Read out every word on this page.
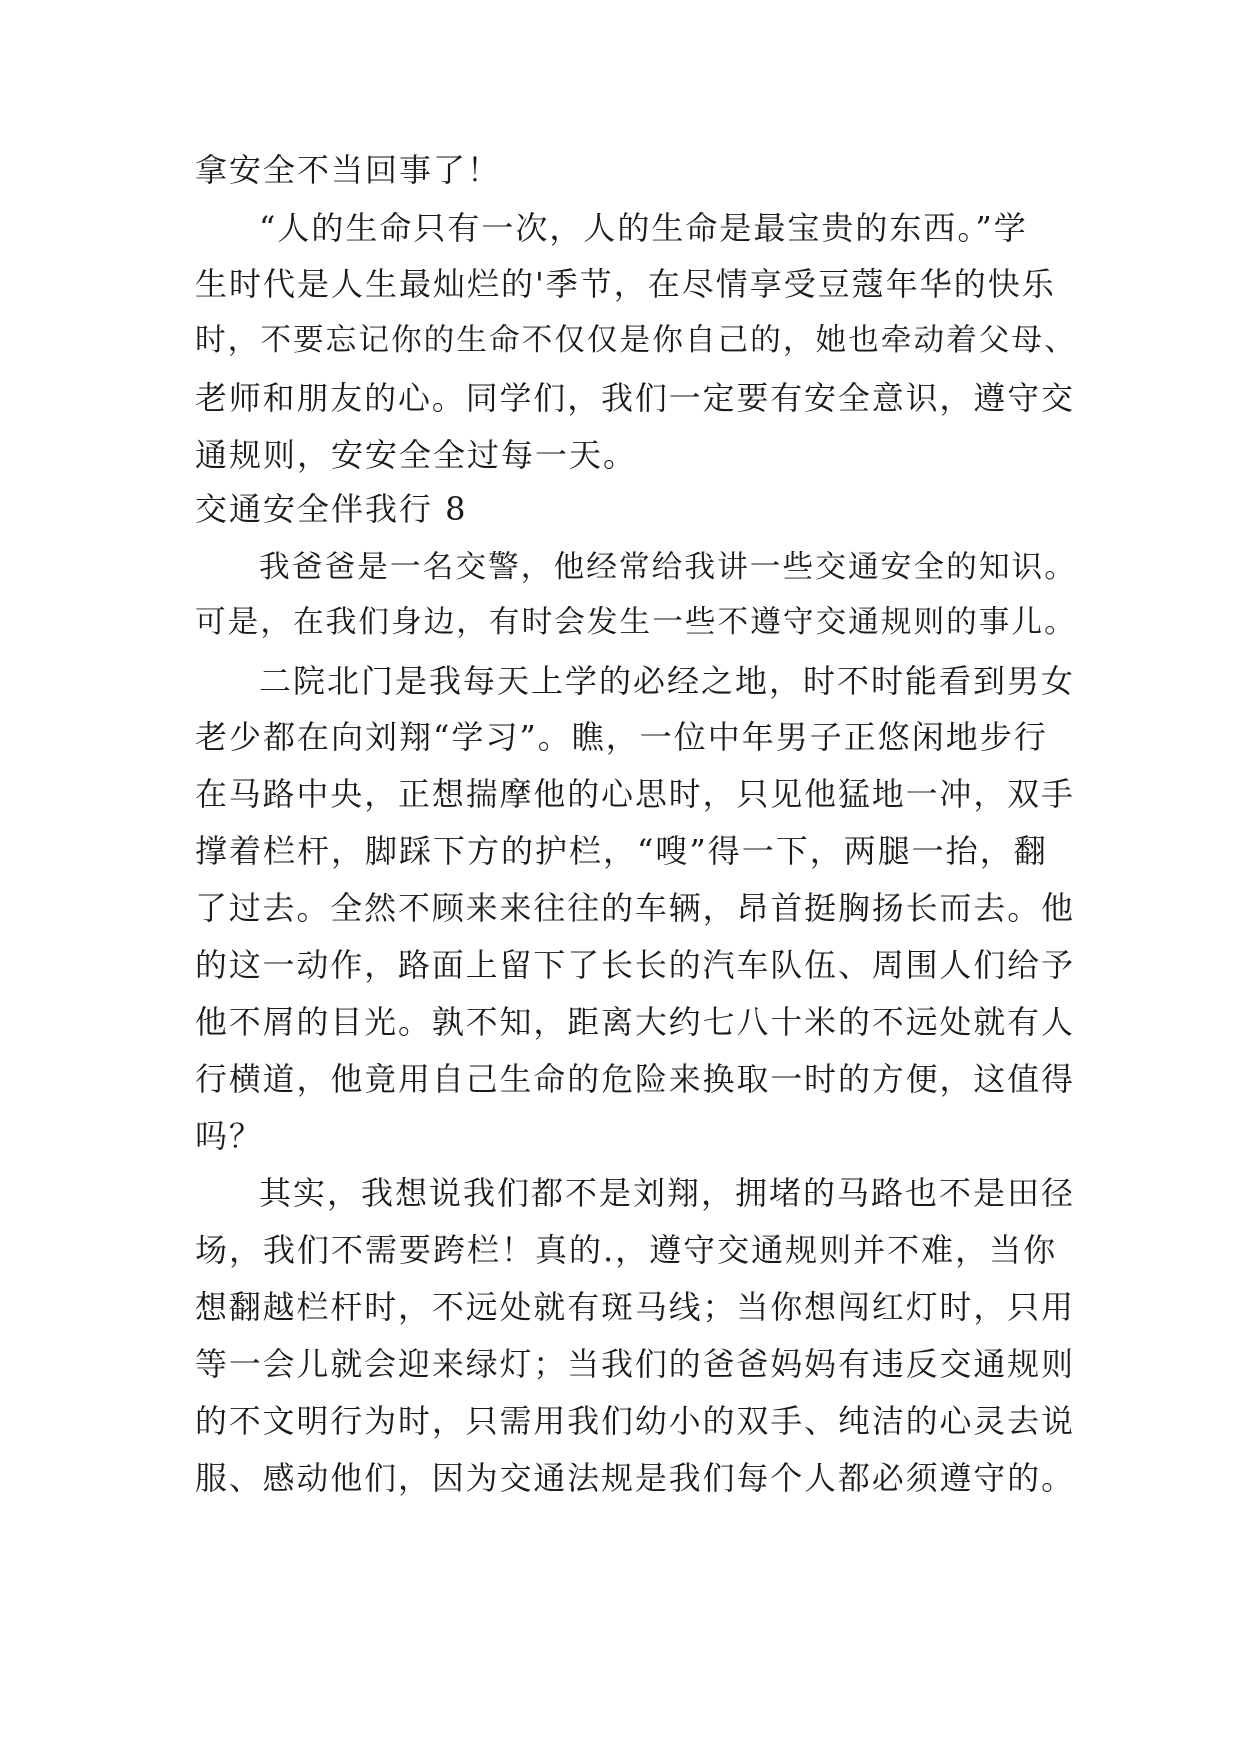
拿安全不当回事了！
“人的生命只有一次，人的生命是最宝贵的东西。”学
生时代是人生最灿烂的'季节，在尽情享受豆蔻年华的快乐
时，不要忘记你的生命不仅仅是你自己的，她也牵动着父母、
老师和朋友的心。同学们，我们一定要有安全意识，遵守交
通规则，安安全全过每一天。
交通安全伴我行 8
我爸爸是一名交警，他经常给我讲一些交通安全的知识。
可是，在我们身边，有时会发生一些不遵守交通规则的事儿。
二院北门是我每天上学的必经之地，时不时能看到男女
老少都在向刘翔“学习”。瞧，一位中年男子正悠闲地步行
在马路中央，正想揣摩他的心思时，只见他猛地一冲，双手
撑着栏杆，脚踩下方的护栏，“嗖”得一下，两腿一抬，翻
了过去。全然不顾来来往往的车辆，昂首挺胸扬长而去。他
的这一动作，路面上留下了长长的汽车队伍、周围人们给予
他不屑的目光。孰不知，距离大约七八十米的不远处就有人
行横道，他竟用自己生命的危险来换取一时的方便，这值得
吗？
其实，我想说我们都不是刘翔，拥堵的马路也不是田径
场，我们不需要跨栏！真的.，遵守交通规则并不难，当你
想翻越栏杆时，不远处就有斑马线；当你想闯红灯时，只用
等一会儿就会迎来绿灯；当我们的爸爸妈妈有违反交通规则
的不文明行为时，只需用我们幼小的双手、纯洁的心灵去说
服、感动他们，因为交通法规是我们每个人都必须遵守的。
